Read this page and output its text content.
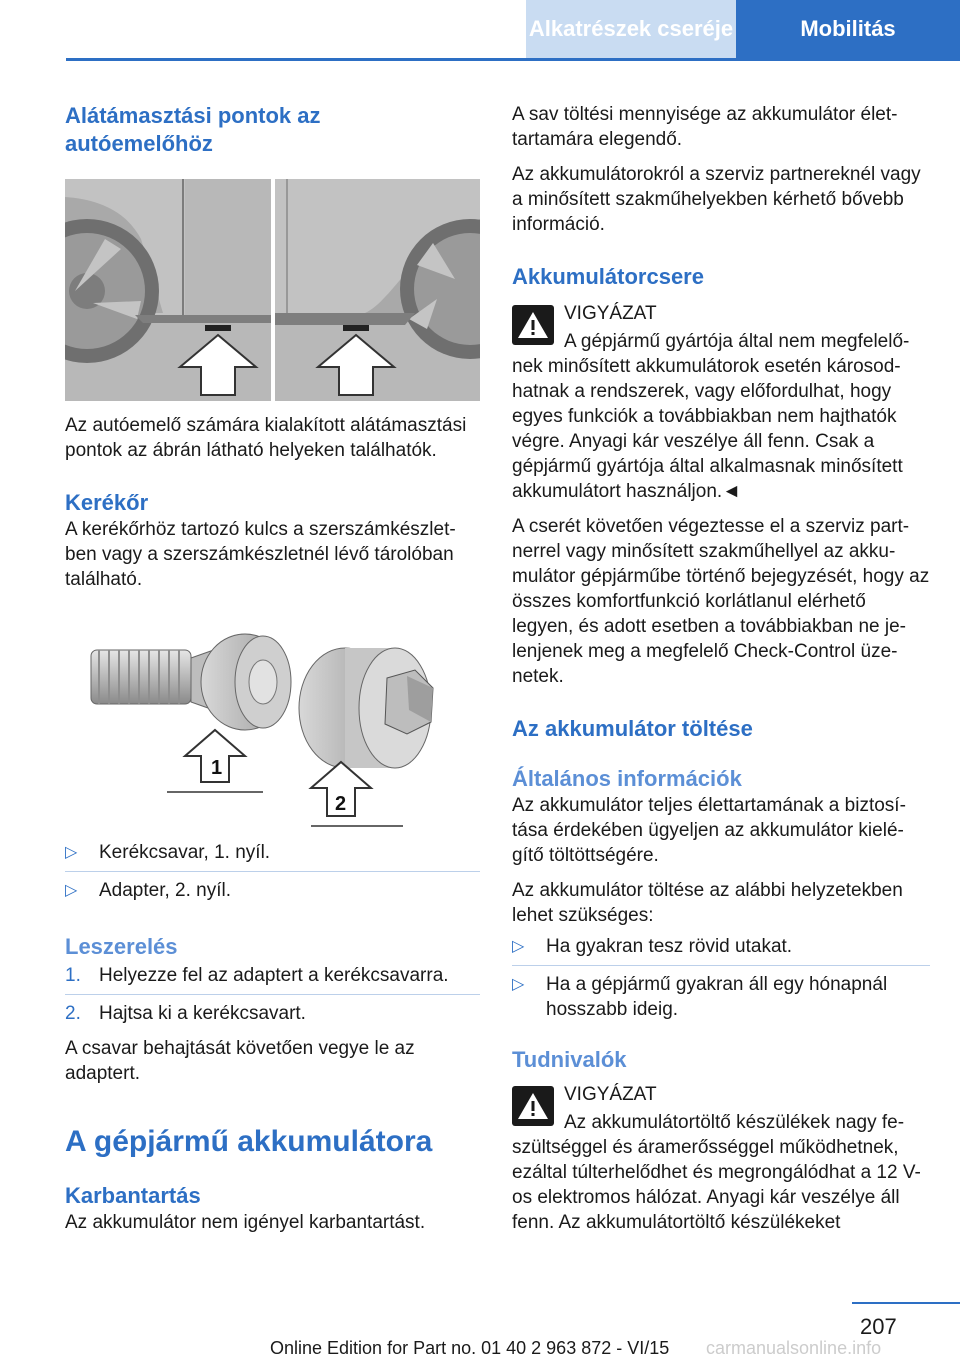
Alkatrészek cseréje	Mobilitás
Alátámasztási pontok az autóemelőhöz

Az autóemelő számára kialakított alátámasztási pontok az ábrán látható helyeken találhatók.

Kerékőr

A kerékőrhöz tartozó kulcs a szerszámkészlet-ben vagy a szerszámkészletnél lévő tárolóban található.

1
2
▷ Kerékcsavar, 1. nyíl.
▷ Adapter, 2. nyíl.
Leszerelés
1. Helyezze fel az adaptert a kerékcsavarra.
2. Hajtsa ki a kerékcsavart.

A csavar behajtását követően vegye le az adaptert.

A gépjármű akkumulátora
Karbantartás

Az akkumulátor nem igényel karbantartást.

A sav töltési mennyisége az akkumulátor élet-tartamára elegendő.

Az akkumulátorokról a szerviz partnereknél vagy a minősített szakműhelyekben kérhető bővebb információ.

Akkumulátorcsere
VIGYÁZAT

A gépjármű gyártója által nem megfelelő-nek minősített akkumulátorok esetén károsod-hatnak a rendszerek, vagy előfordulhat, hogy egyes funkciók a továbbiakban nem hajthatók végre. Anyagi kár veszélye áll fenn. Csak a gépjármű gyártója által alkalmasnak minősített akkumulátort használjon.◄

A cserét követően végeztesse el a szerviz part-nerrel vagy minősített szakműhellyel az akku-mulátor gépjárműbe történő bejegyzését, hogy az összes komfortfunkció korlátlanul elérhető legyen, és adott esetben a továbbiakban ne je-lenjenek meg a megfelelő Check-Control üze-netek.

Az akkumulátor töltése
Általános információk

Az akkumulátor teljes élettartamának a biztosí-tása érdekében ügyeljen az akkumulátor kielé-gítő töltöttségére.

Az akkumulátor töltése az alábbi helyzetekben lehet szükséges:

▷ Ha gyakran tesz rövid utakat.
▷ Ha a gépjármű gyakran áll egy hónapnál hosszabb ideig.
Tudnivalók
VIGYÁZAT

Az akkumulátortöltő készülékek nagy fe-szültséggel és áramerősséggel működhetnek, ezáltal túlterhelődhet és megrongálódhat a 12 V-os elektromos hálózat. Anyagi kár veszélye áll fenn. Az akkumulátortöltő készülékeket

207
Online Edition for Part no. 01 40 2 963 872 - VI/15 carmanualsonline.info
